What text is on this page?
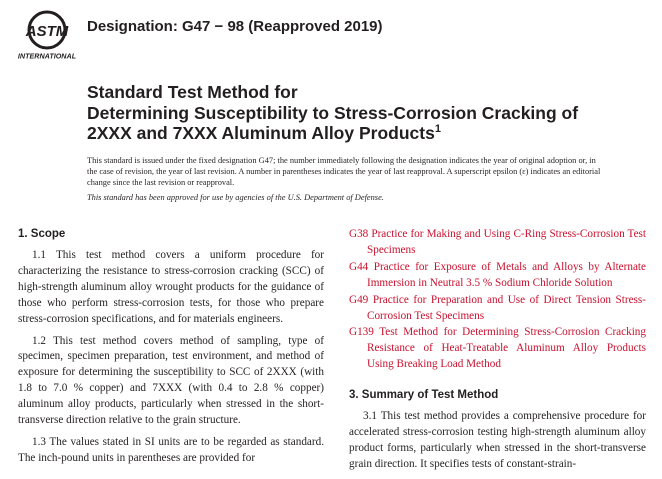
ASTM
INTERNATIONAL
Designation: G47 − 98 (Reapproved 2019)
Standard Test Method for
Determining Susceptibility to Stress-Corrosion Cracking of
2XXX and 7XXX Aluminum Alloy Products$^1$
This standard is issued under the fixed designation G47; the number immediately following the designation indicates the year of original adoption or, in the case of revision, the year of last revision. A number in parentheses indicates the year of last reapproval. A superscript epsilon (ε) indicates an editorial change since the last revision or reapproval.
This standard has been approved for use by agencies of the U.S. Department of Defense.
1. Scope

1.1 This test method covers a uniform procedure for characterizing the resistance to stress-corrosion cracking (SCC) of high-strength aluminum alloy wrought products for the guidance of those who perform stress-corrosion tests, for those who prepare stress-corrosion specifications, and for materials engineers.

1.2 This test method covers method of sampling, type of specimen, specimen preparation, test environment, and method of exposure for determining the susceptibility to SCC of 2XXX (with 1.8 to 7.0 % copper) and 7XXX (with 0.4 to 2.8 % copper) aluminum alloy products, particularly when stressed in the short-transverse direction relative to the grain structure.

1.3 The values stated in SI units are to be regarded as standard. The inch-pound units in parentheses are provided for

G38 Practice for Making and Using C-Ring Stress-Corrosion Test Specimens
G44 Practice for Exposure of Metals and Alloys by Alternate Immersion in Neutral 3.5 % Sodium Chloride Solution
G49 Practice for Preparation and Use of Direct Tension Stress-Corrosion Test Specimens
G139 Test Method for Determining Stress-Corrosion Cracking Resistance of Heat-Treatable Aluminum Alloy Products Using Breaking Load Method
3. Summary of Test Method

3.1 This test method provides a comprehensive procedure for accelerated stress-corrosion testing high-strength aluminum alloy product forms, particularly when stressed in the short-transverse grain direction. It specifies tests of constant-strain-
